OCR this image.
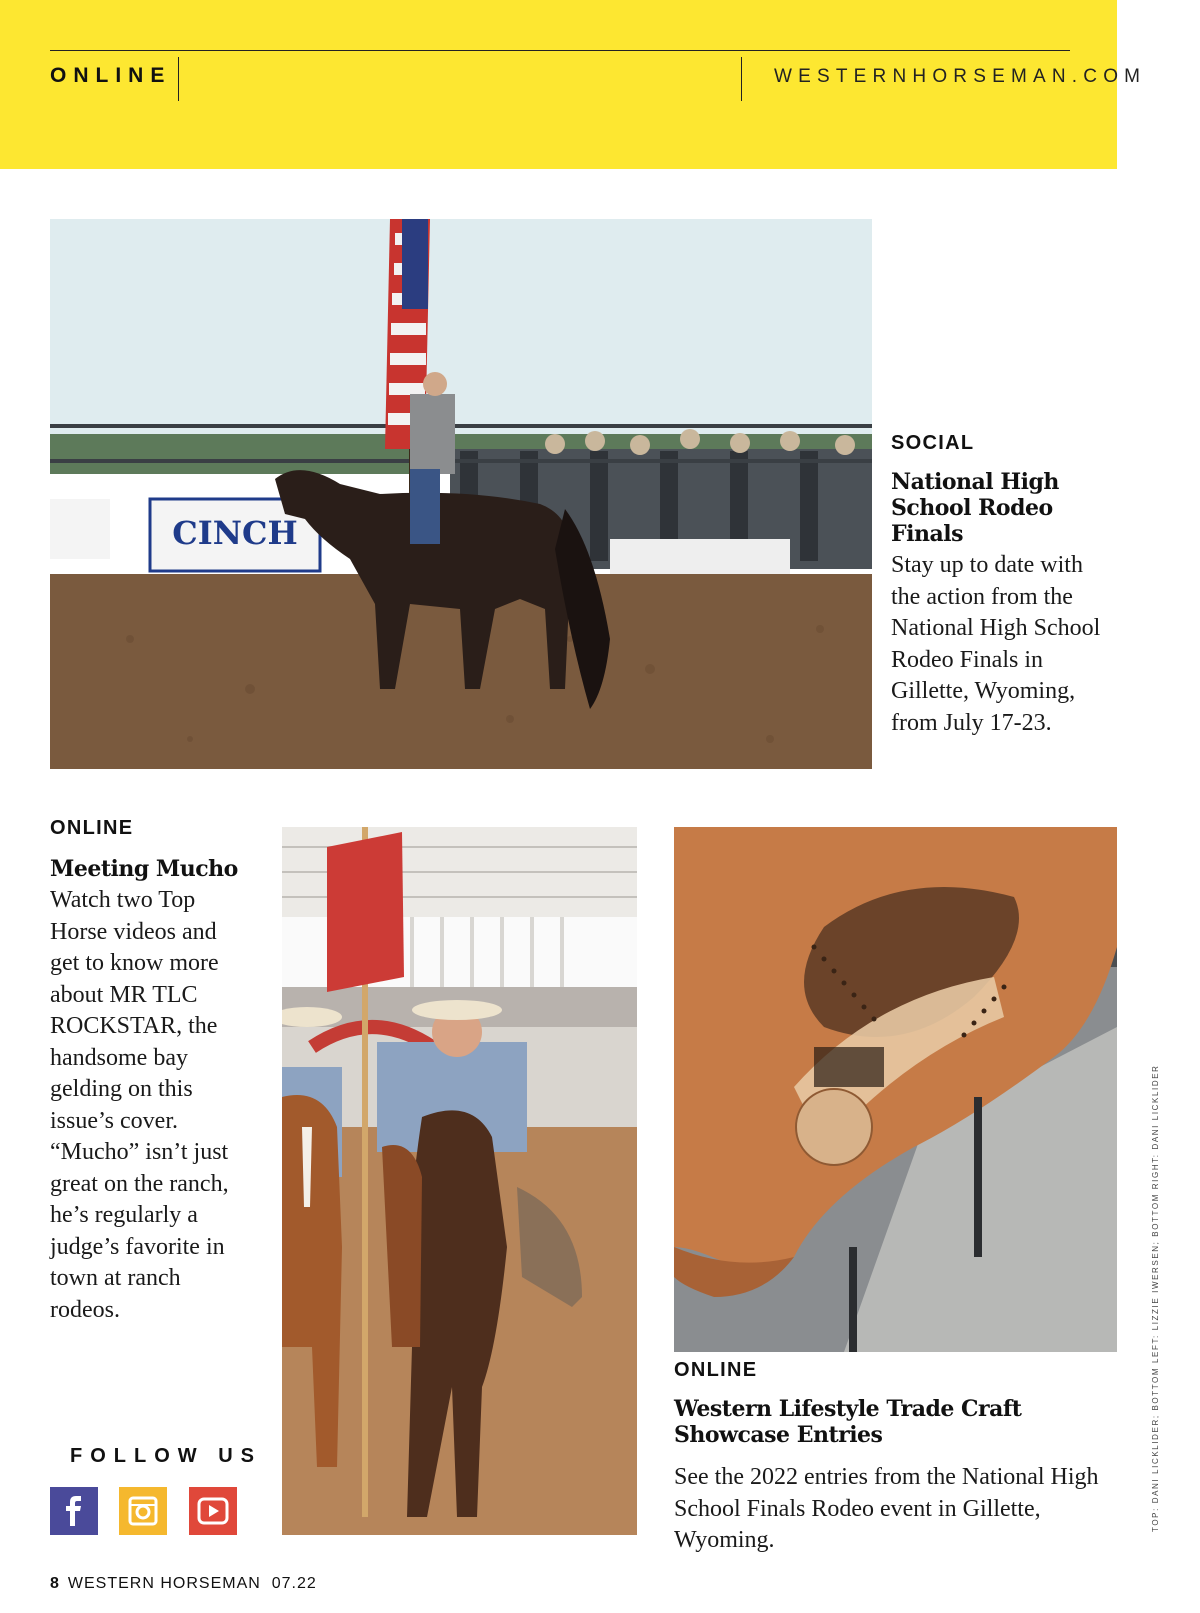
ONLINE	WESTERNHORSEMAN.COM
CINCH
SOCIAL
National High School Rodeo Finals
Stay up to date with the action from the National High School Rodeo Finals in Gillette, Wyoming, from July 17-23.
ONLINE
Meeting Mucho
Watch two Top Horse videos and get to know more about MR TLC ROCKSTAR, the handsome bay gelding on this issue’s cover. “Mucho” isn’t just great on the ranch, he’s regularly a judge’s favorite in town at ranch rodeos.
ONLINE
Western Lifestyle Trade Craft Showcase Entries
See the 2022 entries from the National High School Finals Rodeo event in Gillette, Wyoming.
FOLLOW US
8 WESTERN HORSEMAN 07.22
TOP: DANI LICKLIDER; BOTTOM LEFT: LIZZIE IWERSEN; BOTTOM RIGHT: DANI LICKLIDER
